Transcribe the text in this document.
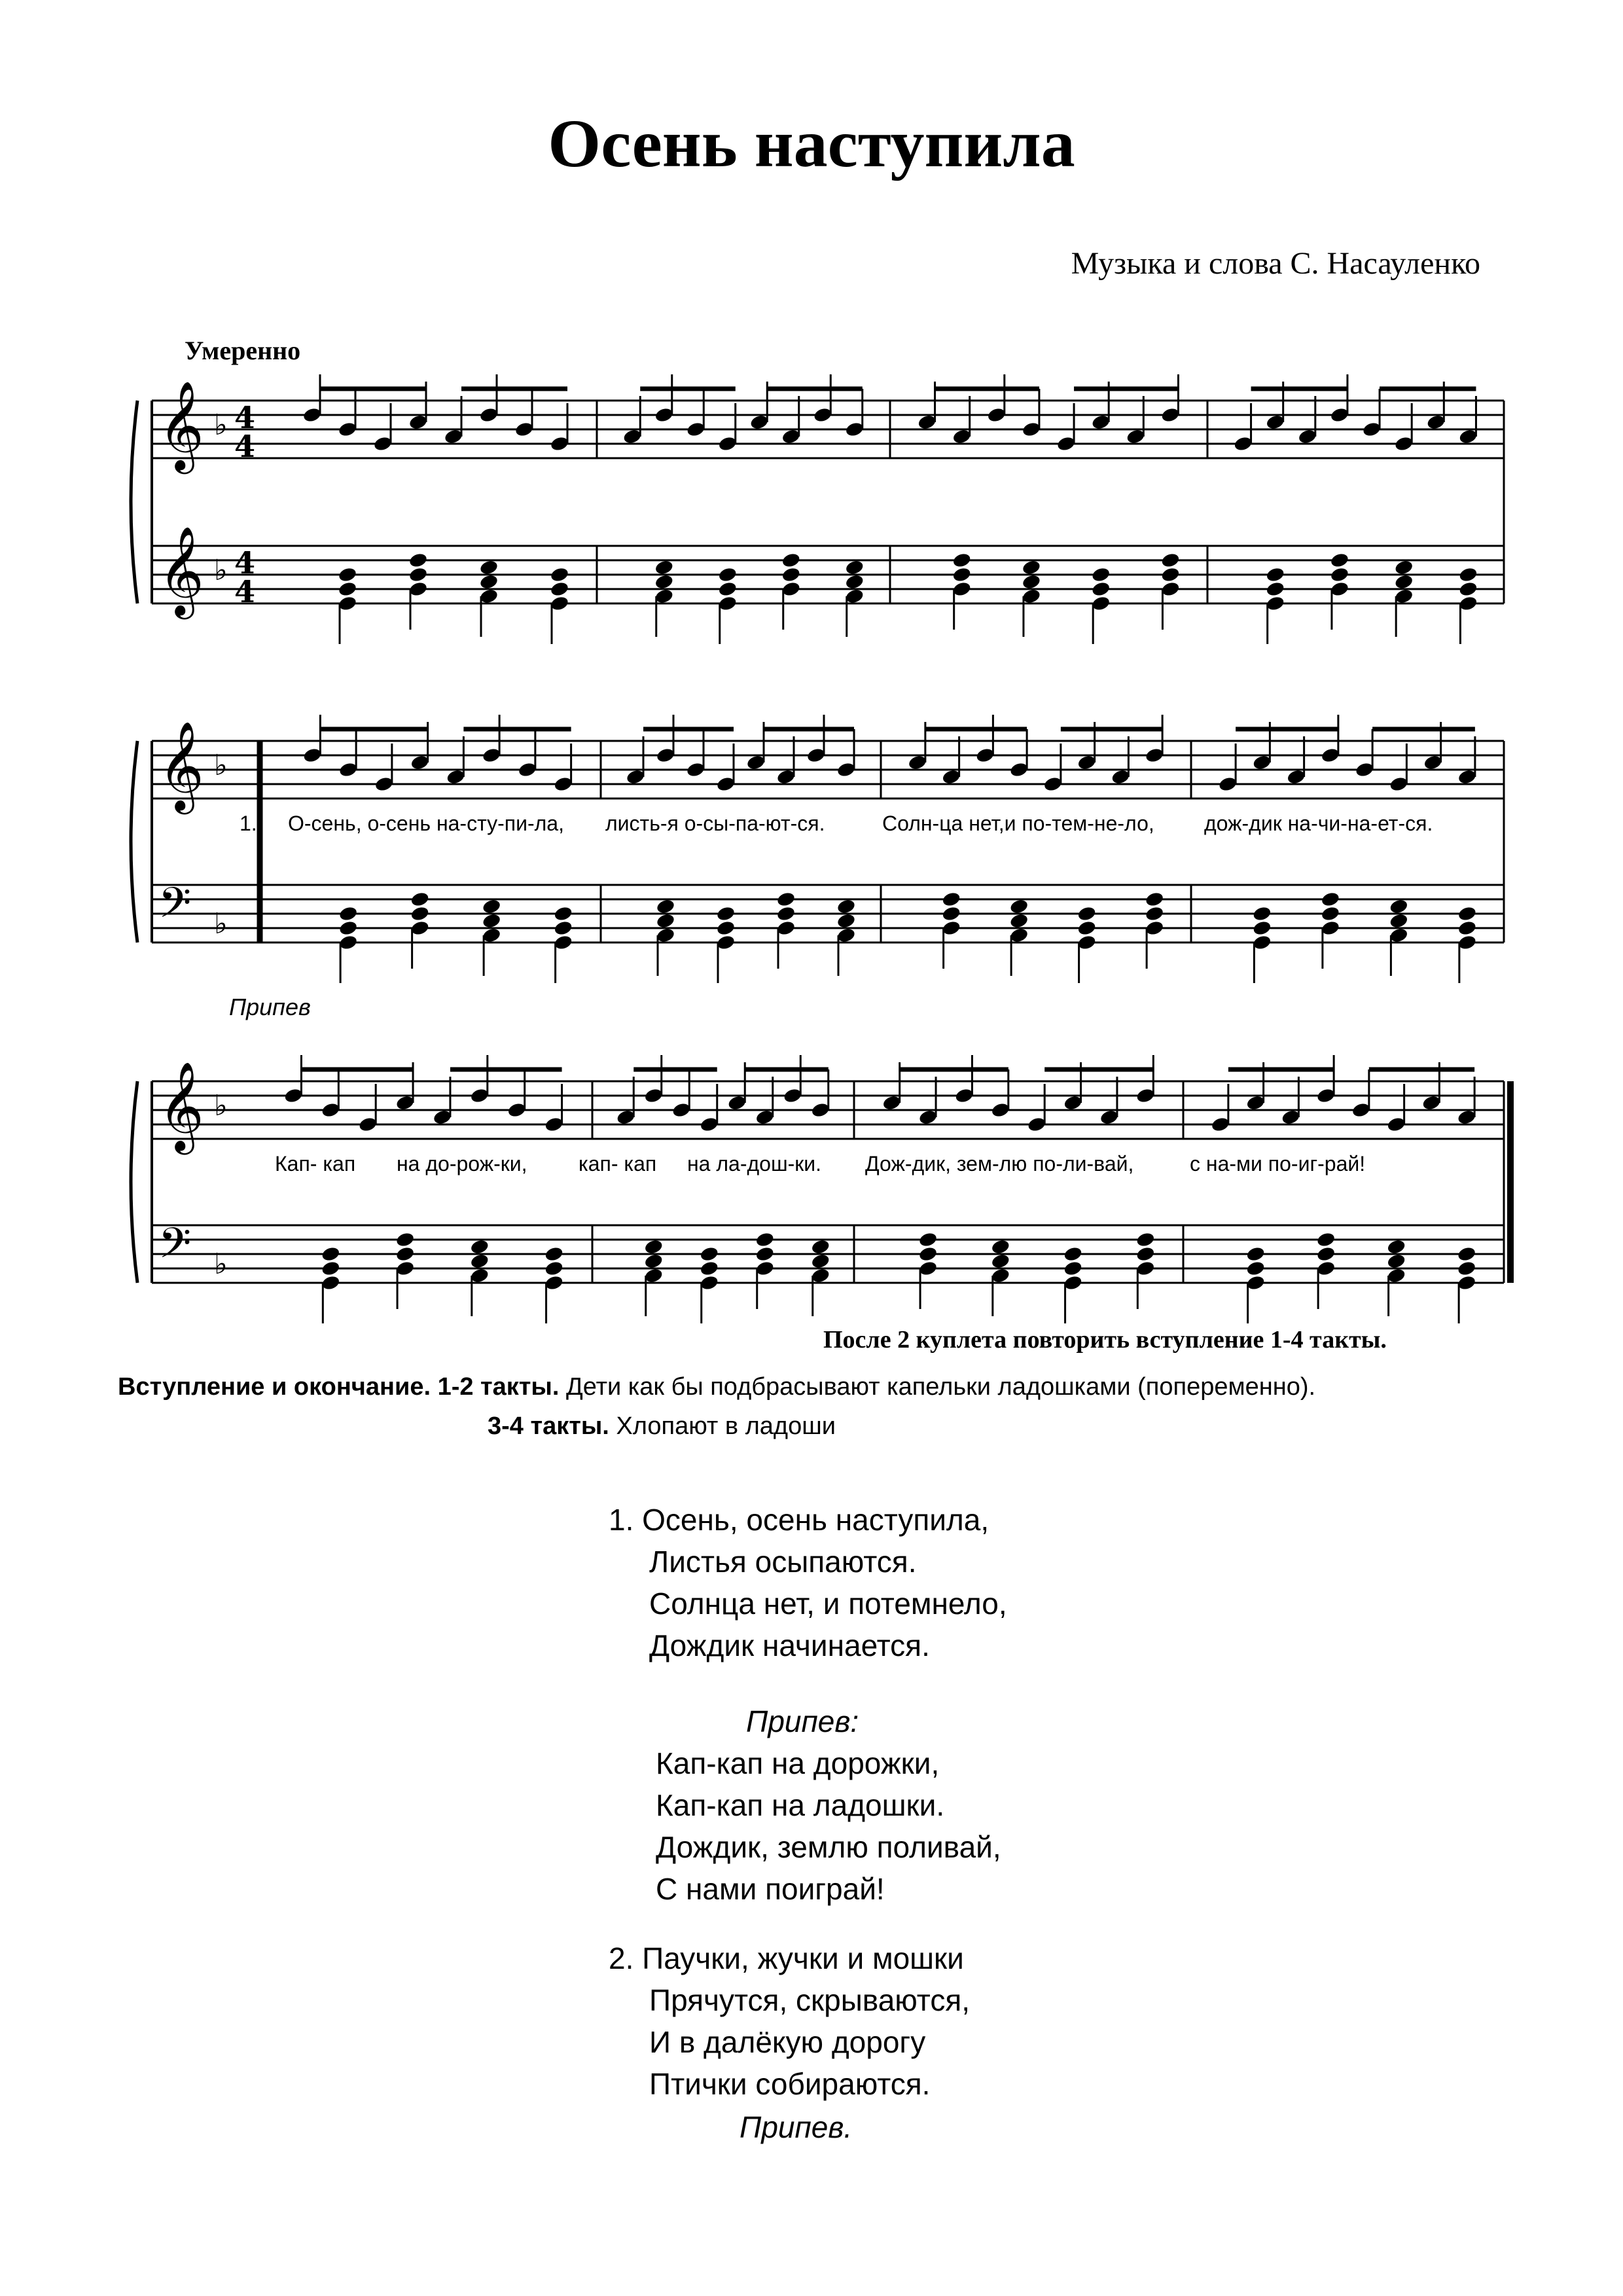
Осень наступила
Музыка и слова С. Насауленко
Умеренно
𝄞 ♭ 4
4
𝄞 ♭ 4
4
𝄞 ♭
𝄢 ♭
𝄞 ♭
𝄢 ♭
Припев
1. О-сень, о-сень на-сту-пи-ла, листь-я о-сы-па-ют-ся.	Солн-ца нет,и по-тем-не-ло, дож-дик на-чи-на-ет-ся.
Кап- кап на до-рож-ки, кап- кап на ла-дош-ки. Дож-дик, зем-лю по-ли-вай,	с на-ми по-иг-рай!
После 2 куплета повторить вступление 1-4 такты.
Вступление и окончание. 1-2 такты. Дети как бы подбрасывают капельки ладошками (попеременно).
3-4 такты. Хлопают в ладоши
1. Осень, осень наступила,
Листья осыпаются.
Солнца нет, и потемнело,
Дождик начинается.
Припев:
Кап-кап на дорожки,
Кап-кап на ладошки.
Дождик, землю поливай,
С нами поиграй!
2. Паучки, жучки и мошки
Прячутся, скрываются,
И в далёкую дорогу
Птички собираются.
Припев.
